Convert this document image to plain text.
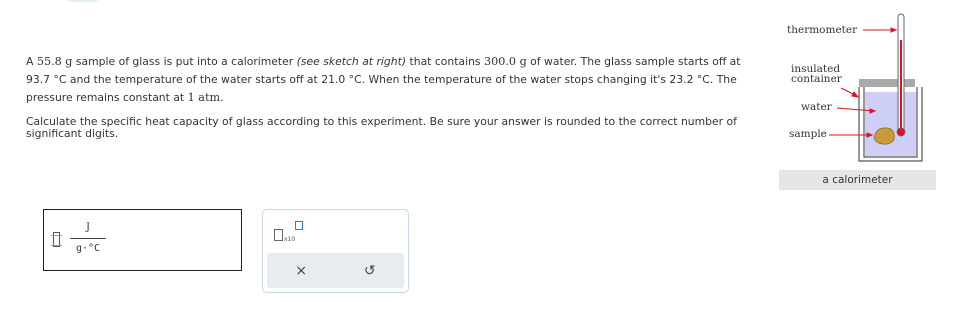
A 55.8 g sample of glass is put into a calorimeter (see sketch at right) that contains 300.0 g of water. The glass sample starts off at
93.7 °C and the temperature of the water starts off at 21.0 °C. When the temperature of the water stops changing it's 23.2 °C. The
pressure remains constant at 1 atm.

Calculate the specific heat capacity of glass according to this experiment. Be sure your answer is rounded to the correct number of significant digits.

J
g·°C
x10
×	↺
thermometer
insulated
container
water
sample
a calorimeter
